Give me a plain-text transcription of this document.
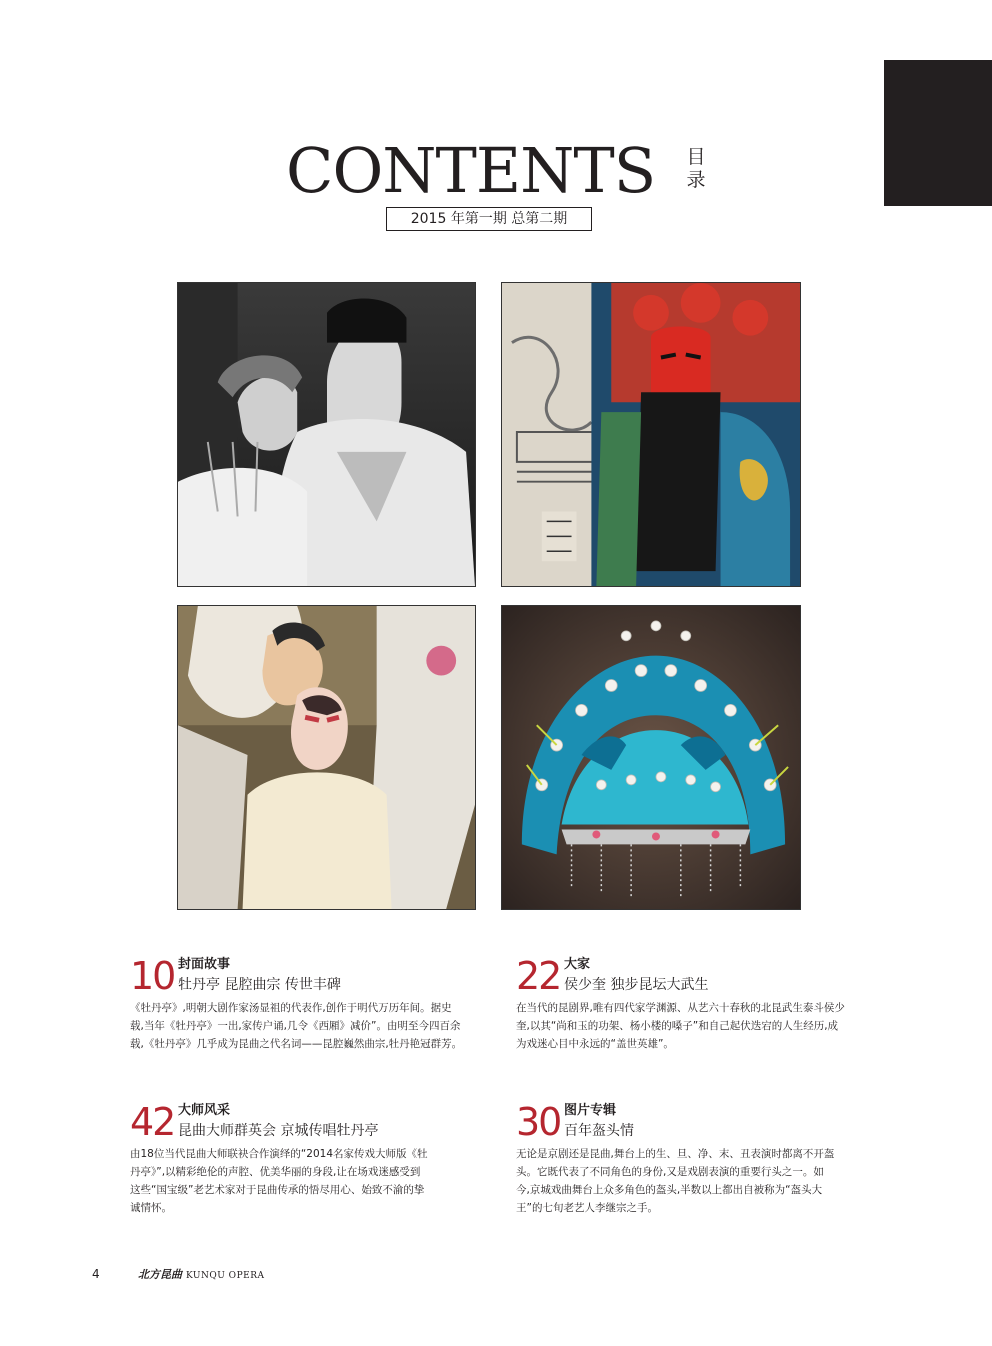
CONTENTS 目
录
2015 年第一期 总第二期
10 封面故事
牡丹亭 昆腔曲宗 传世丰碑
《牡丹亭》,明朝大剧作家汤显祖的代表作,创作于明代万历年间。据史载,当年《牡丹亭》一出,家传户诵,几令《西厢》减价”。由明至今四百余载,《牡丹亭》几乎成为昆曲之代名词——昆腔巍然曲宗,牡丹艳冠群芳。
22 大家
侯少奎 独步昆坛大武生
在当代的昆剧界,唯有四代家学渊源、从艺六十春秋的北昆武生泰斗侯少奎,以其“尚和玉的功架、杨小楼的嗓子”和自己起伏迭宕的人生经历,成为戏迷心目中永远的“盖世英雄”。
42 大师风采
昆曲大师群英会 京城传唱牡丹亭
由18位当代昆曲大师联袂合作演绎的“2014名家传戏大师版《牡丹亭》”,以精彩绝伦的声腔、优美华丽的身段,让在场戏迷感受到这些“国宝级”老艺术家对于昆曲传承的悟尽用心、始致不渝的挚诚情怀。
30 图片专辑
百年盔头情
无论是京剧还是昆曲,舞台上的生、旦、净、末、丑表演时都离不开盔头。它既代表了不同角色的身份,又是戏剧表演的重要行头之一。如今,京城戏曲舞台上众多角色的盔头,半数以上都出自被称为“盔头大王”的七旬老艺人李继宗之手。
4	北方昆曲 KUNQU OPERA
